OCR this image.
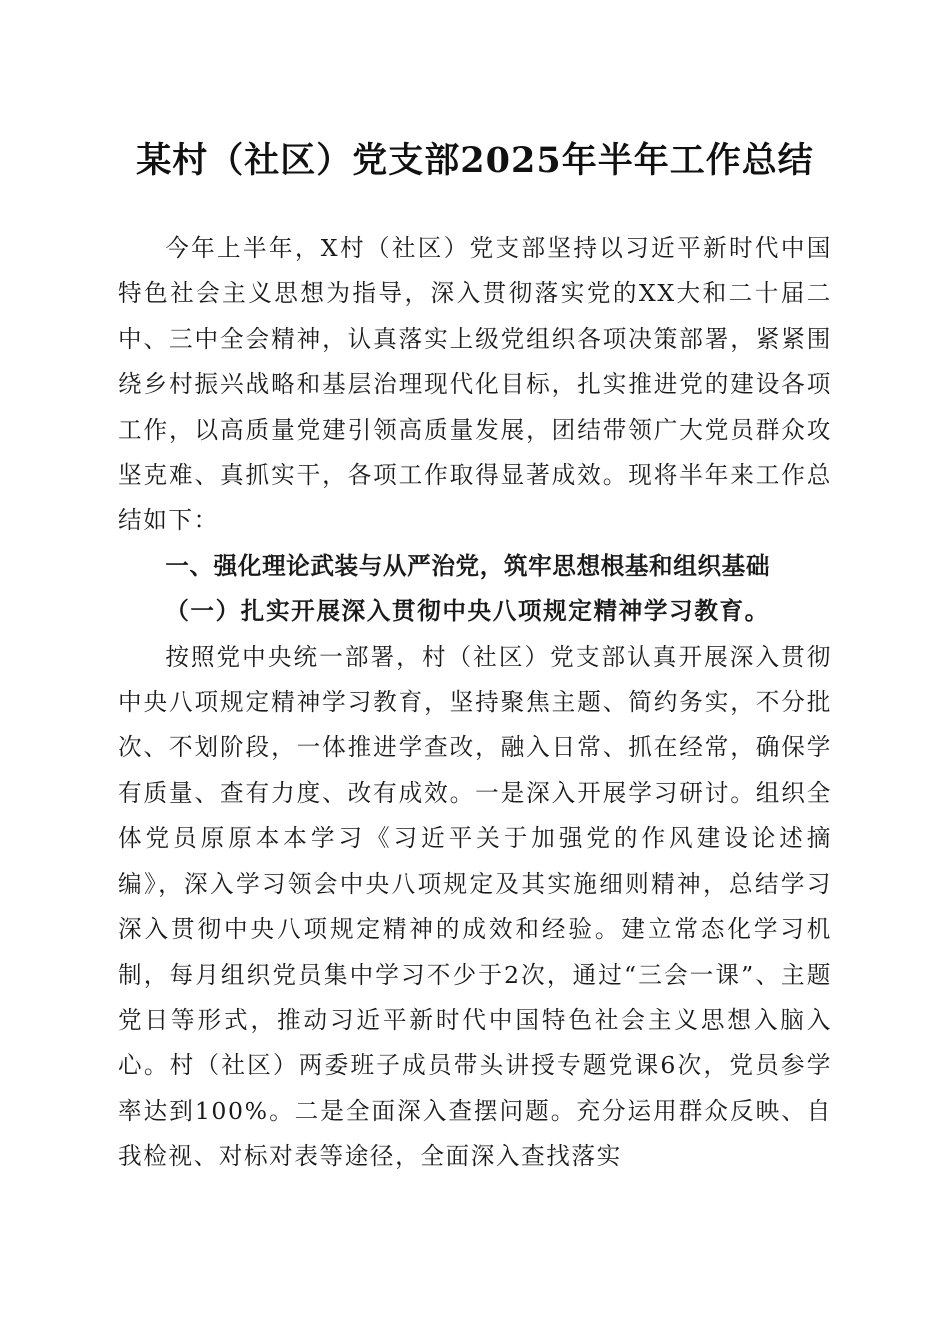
某村（社区）党支部2025年半年工作总结

今年上半年，X村（社区）党支部坚持以习近平新时代中国特色社会主义思想为指导，深入贯彻落实党的XX大和二十届二中、三中全会精神，认真落实上级党组织各项决策部署，紧紧围绕乡村振兴战略和基层治理现代化目标，扎实推进党的建设各项工作，以高质量党建引领高质量发展，团结带领广大党员群众攻坚克难、真抓实干，各项工作取得显著成效。现将半年来工作总结如下：

一、强化理论武装与从严治党，筑牢思想根基和组织基础

（一）扎实开展深入贯彻中央八项规定精神学习教育。

按照党中央统一部署，村（社区）党支部认真开展深入贯彻中央八项规定精神学习教育，坚持聚焦主题、简约务实，不分批次、不划阶段，一体推进学查改，融入日常、抓在经常，确保学有质量、查有力度、改有成效。一是深入开展学习研讨。组织全体党员原原本本学习《习近平关于加强党的作风建设论述摘编》，深入学习领会中央八项规定及其实施细则精神，总结学习深入贯彻中央八项规定精神的成效和经验。建立常态化学习机制，每月组织党员集中学习不少于2次，通过“三会一课”、主题党日等形式，推动习近平新时代中国特色社会主义思想入脑入心。村（社区）两委班子成员带头讲授专题党课6次，党员参学率达到100%。二是全面深入查摆问题。充分运用群众反映、自我检视、对标对表等途径，全面深入查找落实
